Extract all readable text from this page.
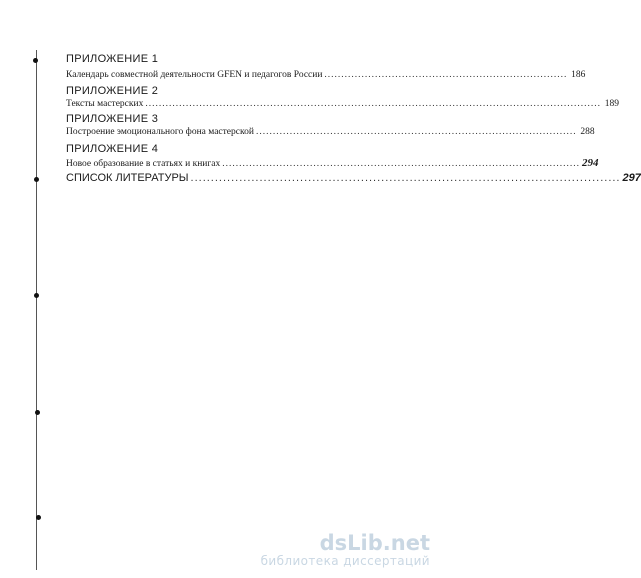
ПРИЛОЖЕНИЕ 1
Календарь совместной деятельности GFEN и педагогов России ........................................................................ 186
ПРИЛОЖЕНИЕ 2
Тексты мастерских ....................................................................................................................................... 189
ПРИЛОЖЕНИЕ 3
Построение эмоционального фона мастерской ............................................................................................... 288
ПРИЛОЖЕНИЕ 4
Новое образование в статьях и книгах .......................................................................................................... 294
СПИСОК ЛИТЕРАТУРЫ .......................................................................................................... 297
dsLib.net
библиотека диссертаций
